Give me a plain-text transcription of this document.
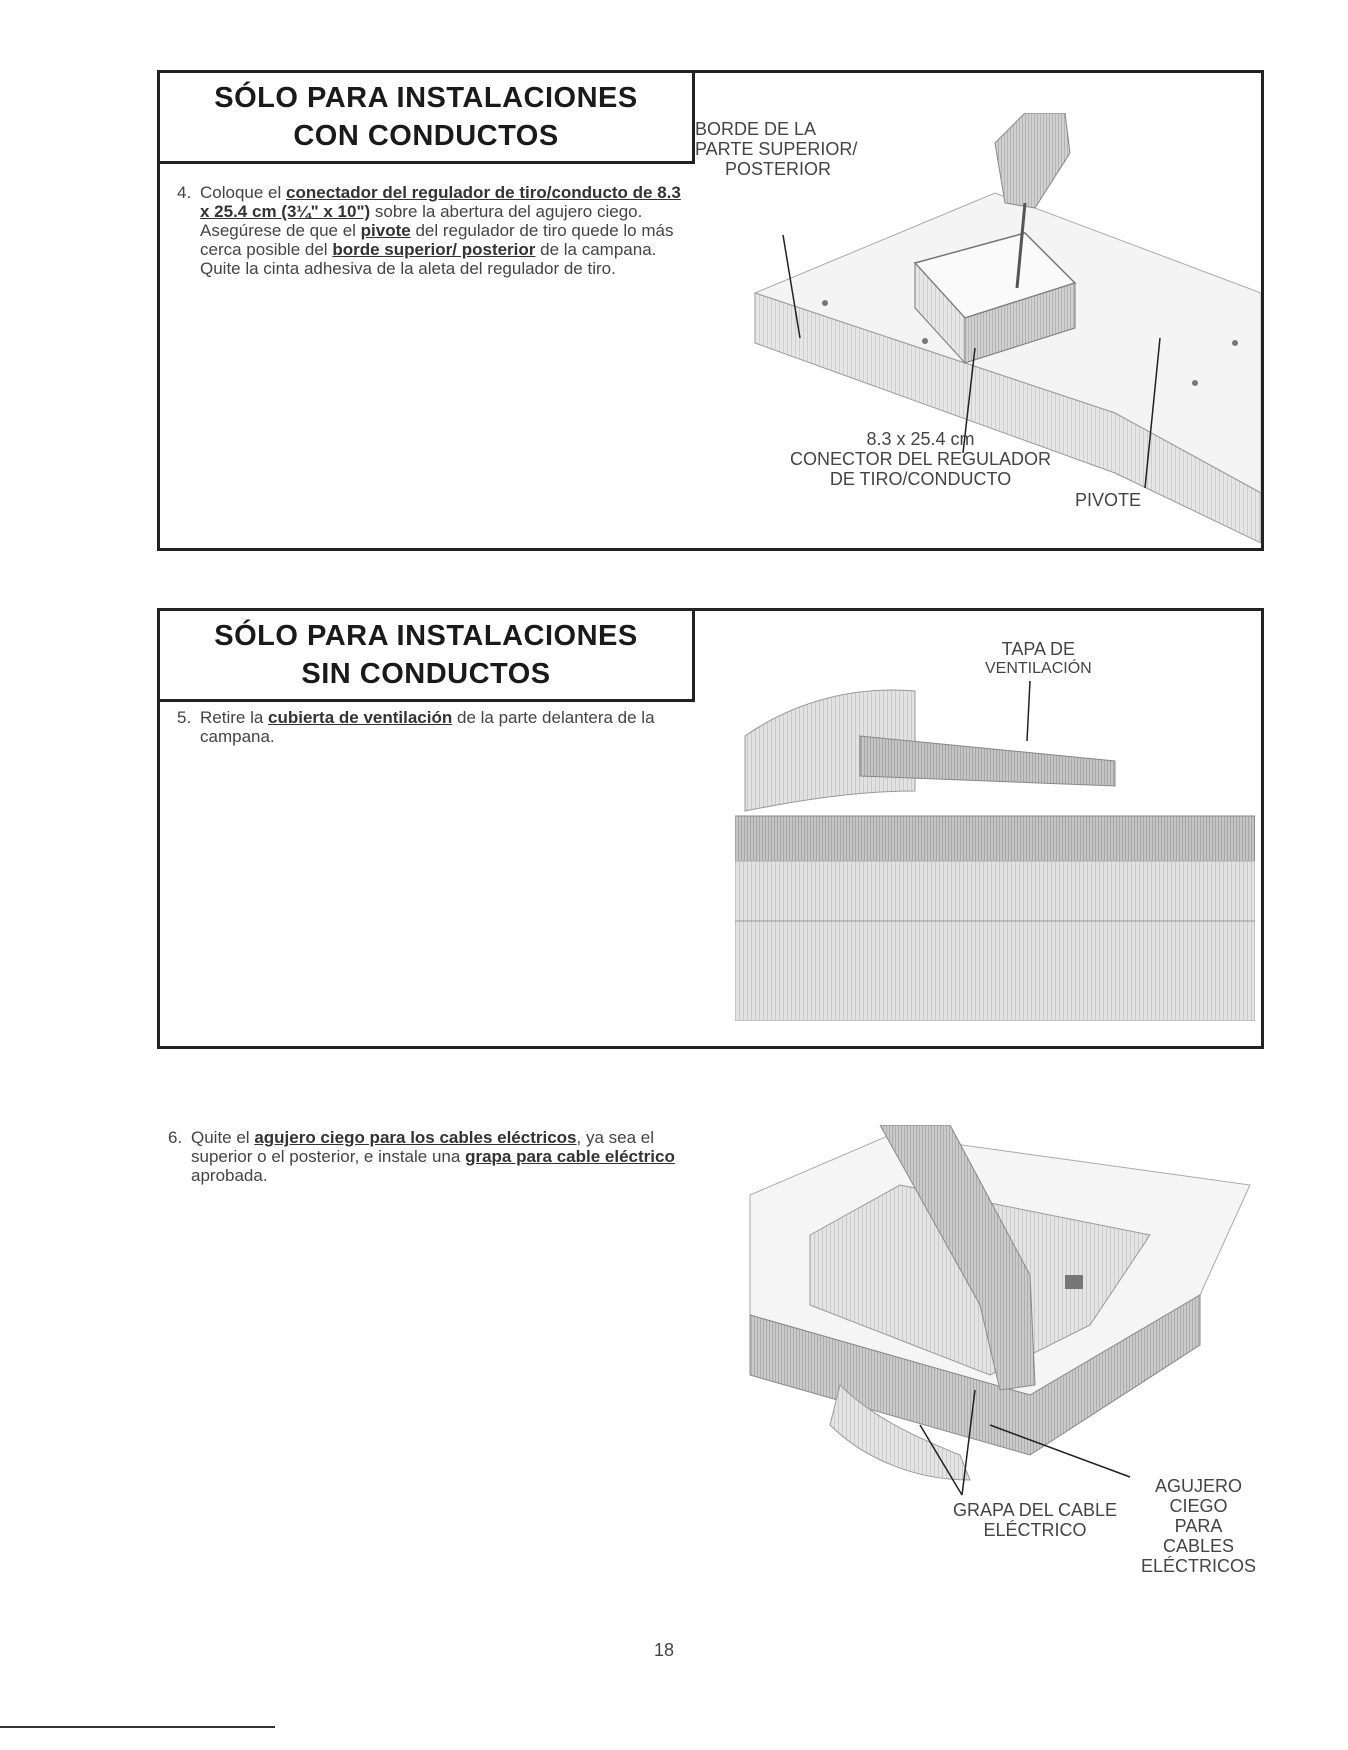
SÓLO PARA INSTALACIONES
CON CONDUCTOS
4. Coloque el conectador del regulador de tiro/conducto de 8.3 x 25.4 cm (3¼" x 10") sobre la abertura del agujero ciego. Asegúrese de que el pivote del regulador de tiro quede lo más cerca posible del borde superior/ posterior de la campana. Quite la cinta adhesiva de la aleta del regulador de tiro.
BORDE DE LA
PARTE SUPERIOR/
POSTERIOR
8.3 x 25.4 cm
CONECTOR DEL REGULADOR
DE TIRO/CONDUCTO
PIVOTE
SÓLO PARA INSTALACIONES
SIN CONDUCTOS
5. Retire la cubierta de ventilación de la parte delantera de la campana.
TAPA DE
VENTILACIÓN
6. Quite el agujero ciego para los cables eléctricos, ya sea el superior o el posterior, e instale una grapa para cable eléctrico aprobada.
GRAPA DEL CABLE
ELÉCTRICO
AGUJERO
CIEGO
PARA
CABLES
ELÉCTRICOS
18
